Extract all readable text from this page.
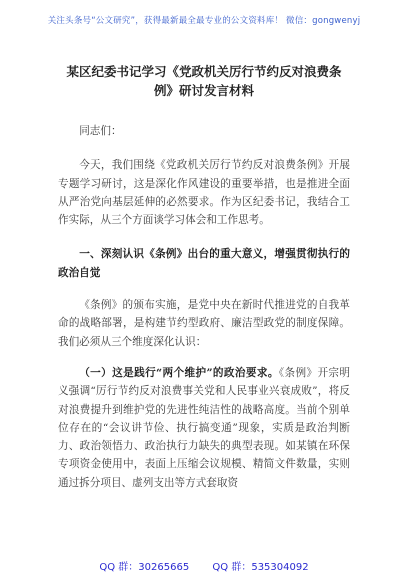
关注头条号“公文研究”，获得最新最全最专业的公文资料库！ 微信：gongwenyj
某区纪委书记学习《党政机关厉行节约反对浪费条例》研讨发言材料

同志们：

今天，我们围绕《党政机关厉行节约反对浪费条例》开展专题学习研讨，这是深化作风建设的重要举措，也是推进全面从严治党向基层延伸的必然要求。作为区纪委书记，我结合工作实际，从三个方面谈学习体会和工作思考。

一、深刻认识《条例》出台的重大意义，增强贯彻执行的政治自觉

《条例》的颁布实施，是党中央在新时代推进党的自我革命的战略部署，是构建节约型政府、廉洁型政党的制度保障。我们必须从三个维度深化认识：

（一）这是践行“两个维护”的政治要求。《条例》开宗明义强调“厉行节约反对浪费事关党和人民事业兴衰成败”，将反对浪费提升到维护党的先进性纯洁性的战略高度。当前个别单位存在的“会议讲节俭、执行搞变通”现象，实质是政治判断力、政治领悟力、政治执行力缺失的典型表现。如某镇在环保专项资金使用中，表面上压缩会议规模、精简文件数量，实则通过拆分项目、虚列支出等方式套取资

QQ 群：30265665 QQ 群：535304092
